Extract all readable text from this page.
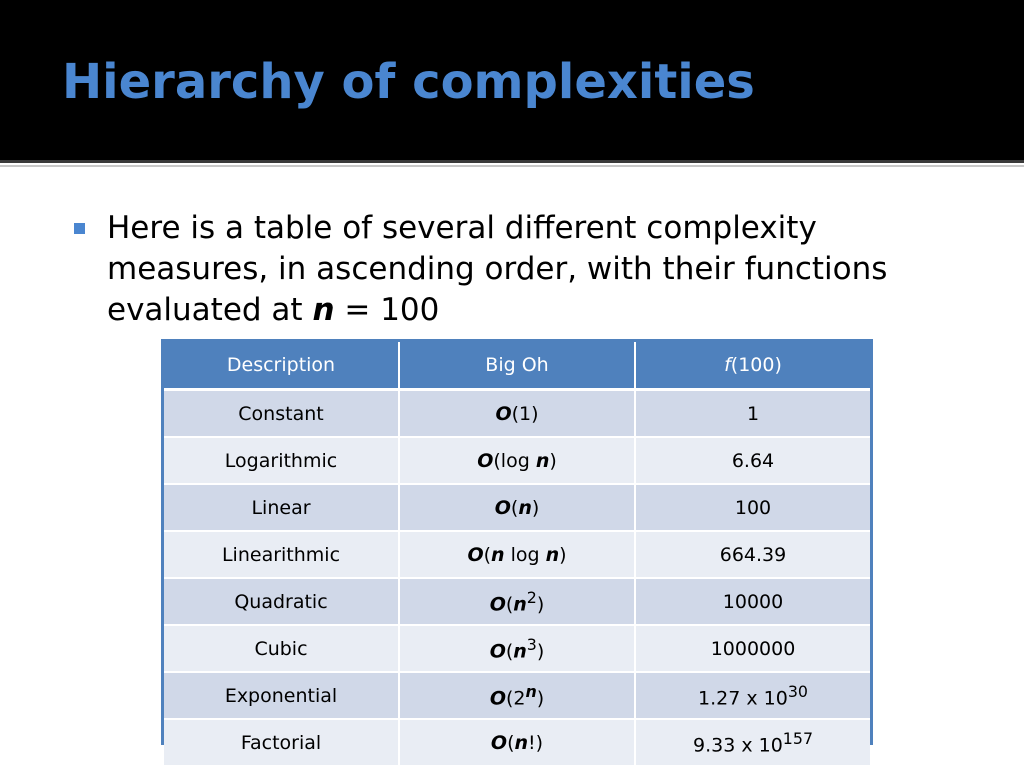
Hierarchy of complexities
Here is a table of several different complexity measures, in ascending order, with their functions evaluated at n = 100
Description	Big Oh	f(100)
Constant	O(1)	1
Logarithmic	O(log n)	6.64
Linear	O(n)	100
Linearithmic	O(n log n)	664.39
Quadratic	$O(n^2)$	10000
Cubic	$O(n^3)$	1000000
Exponential	O(2$^n$)	1.27 x $10^{30}$
Factorial	O(n!)	9.33 x $10^{157}$
